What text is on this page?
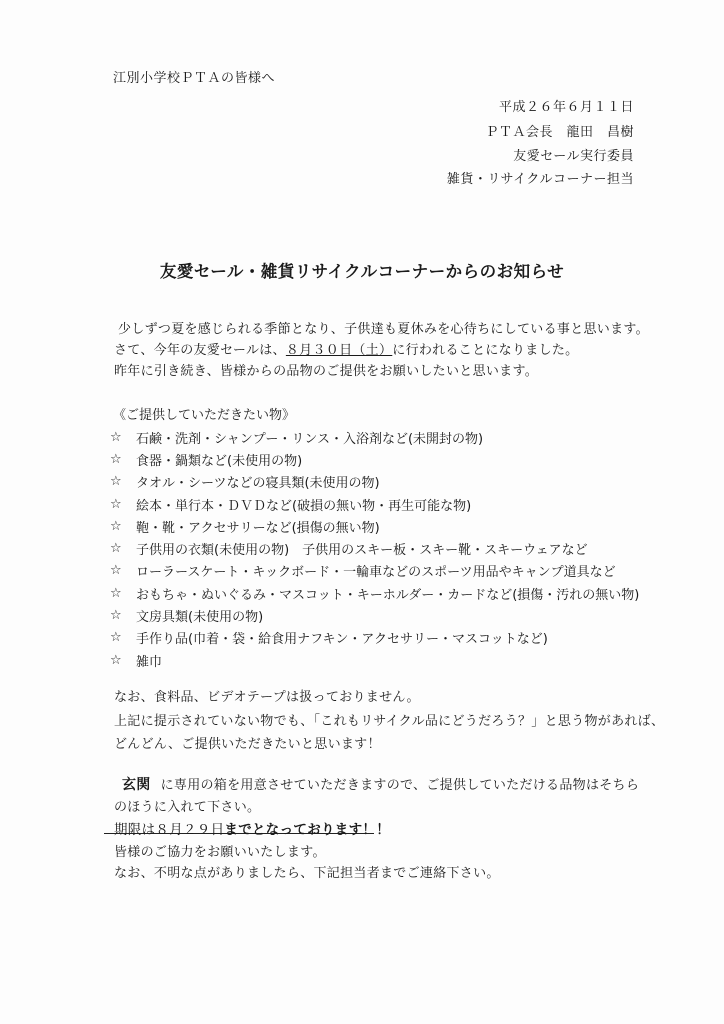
江別小学校ＰＴＡの皆様へ
平成２６年６月１１日
ＰＴＡ会長　龍田　昌樹
友愛セール実行委員
雑貨・リサイクルコーナー担当
友愛セール・雑貨リサイクルコーナーからのお知らせ
少しずつ夏を感じられる季節となり、子供達も夏休みを心待ちにしている事と思います。
さて、今年の友愛セールは、８月３０日（土）に行われることになりました。
昨年に引き続き、皆様からの品物のご提供をお願いしたいと思います。
《ご提供していただきたい物》
☆	石鹸・洗剤・シャンプー・リンス・入浴剤など(未開封の物)
☆	食器・鍋類など(未使用の物)
☆	タオル・シーツなどの寝具類(未使用の物)
☆	絵本・単行本・ＤＶＤなど(破損の無い物・再生可能な物)
☆	鞄・靴・アクセサリーなど(損傷の無い物)
☆	子供用の衣類(未使用の物)　子供用のスキー板・スキー靴・スキーウェアなど
☆	ローラースケート・キックボード・一輪車などのスポーツ用品やキャンプ道具など
☆	おもちゃ・ぬいぐるみ・マスコット・キーホルダー・カードなど(損傷・汚れの無い物)
☆	文房具類(未使用の物)
☆	手作り品(巾着・袋・給食用ナフキン・アクセサリー・マスコットなど)
☆	雑巾
なお、食料品、ビデオテープは扱っておりません。
上記に提示されていない物でも、「これもリサイクル品にどうだろう？」と思う物があれば、
どんどん、ご提供いただきたいと思います！
玄関 に専用の箱を用意させていただきますので、ご提供していただける品物はそちら
のほうに入れて下さい。
期限は８月２９日までとなっております！！
皆様のご協力をお願いいたします。
なお、不明な点がありましたら、下記担当者までご連絡下さい。
